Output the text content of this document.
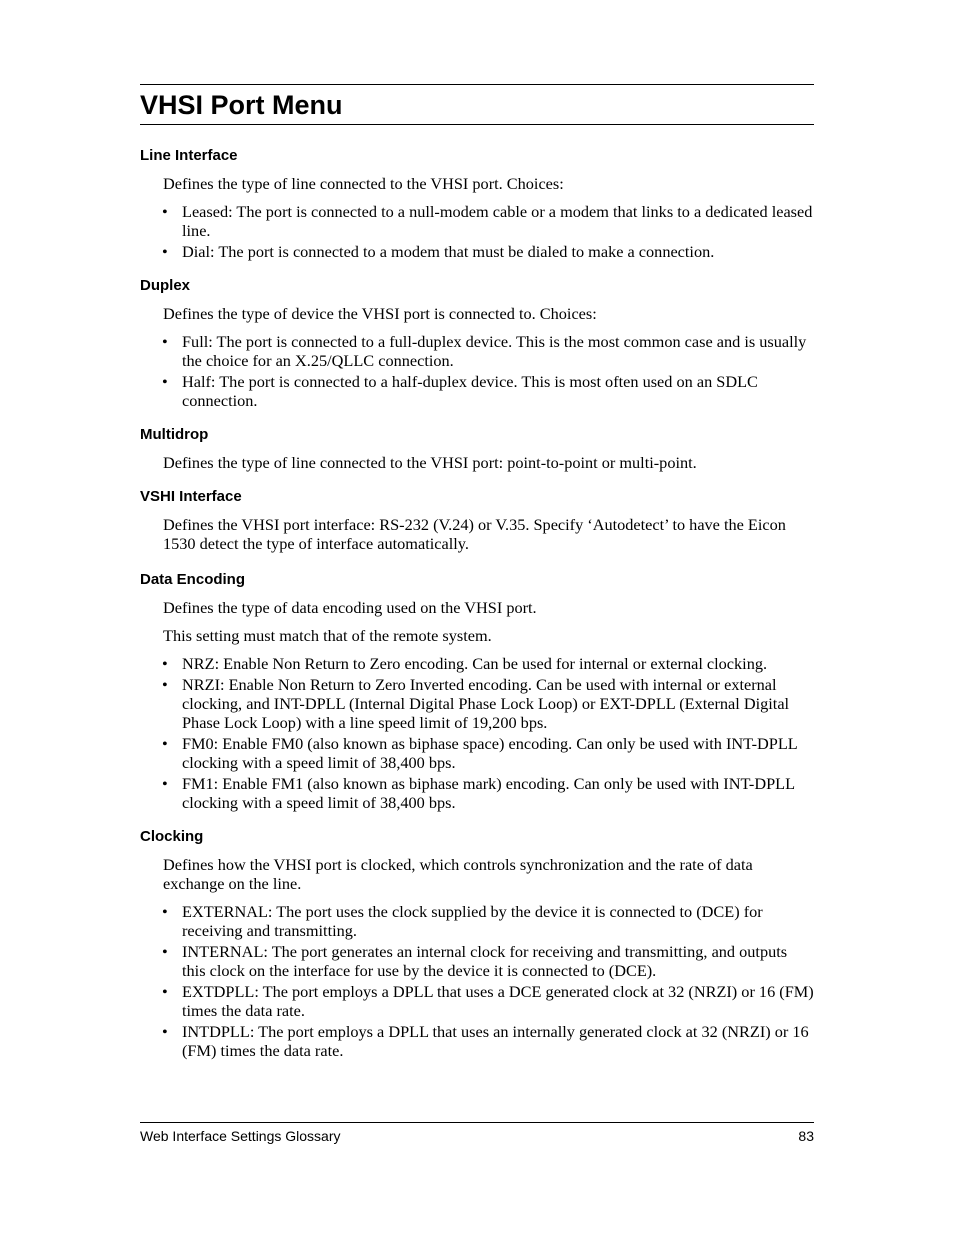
VHSI Port Menu
Line Interface

Defines the type of line connected to the VHSI port. Choices:

• Leased: The port is connected to a null-modem cable or a modem that links to a dedicated leased line.
• Dial: The port is connected to a modem that must be dialed to make a connection.
Duplex

Defines the type of device the VHSI port is connected to. Choices:

• Full: The port is connected to a full-duplex device. This is the most common case and is usually the choice for an X.25/QLLC connection.
• Half: The port is connected to a half-duplex device. This is most often used on an SDLC connection.
Multidrop

Defines the type of line connected to the VHSI port: point-to-point or multi-point.

VSHI Interface

Defines the VHSI port interface: RS-232 (V.24) or V.35. Specify ‘Autodetect’ to have the Eicon 1530 detect the type of interface automatically.

Data Encoding

Defines the type of data encoding used on the VHSI port.

This setting must match that of the remote system.

• NRZ: Enable Non Return to Zero encoding. Can be used for internal or external clocking.
• NRZI: Enable Non Return to Zero Inverted encoding. Can be used with internal or external clocking, and INT-DPLL (Internal Digital Phase Lock Loop) or EXT-DPLL (External Digital Phase Lock Loop) with a line speed limit of 19,200 bps.
• FM0: Enable FM0 (also known as biphase space) encoding. Can only be used with INT-DPLL clocking with a speed limit of 38,400 bps.
• FM1: Enable FM1 (also known as biphase mark) encoding. Can only be used with INT-DPLL clocking with a speed limit of 38,400 bps.
Clocking

Defines how the VHSI port is clocked, which controls synchronization and the rate of data exchange on the line.

• EXTERNAL: The port uses the clock supplied by the device it is connected to (DCE) for receiving and transmitting.
• INTERNAL: The port generates an internal clock for receiving and transmitting, and outputs this clock on the interface for use by the device it is connected to (DCE).
• EXTDPLL: The port employs a DPLL that uses a DCE generated clock at 32 (NRZI) or 16 (FM) times the data rate.
• INTDPLL: The port employs a DPLL that uses an internally generated clock at 32 (NRZI) or 16 (FM) times the data rate.
Web Interface Settings Glossary	83
